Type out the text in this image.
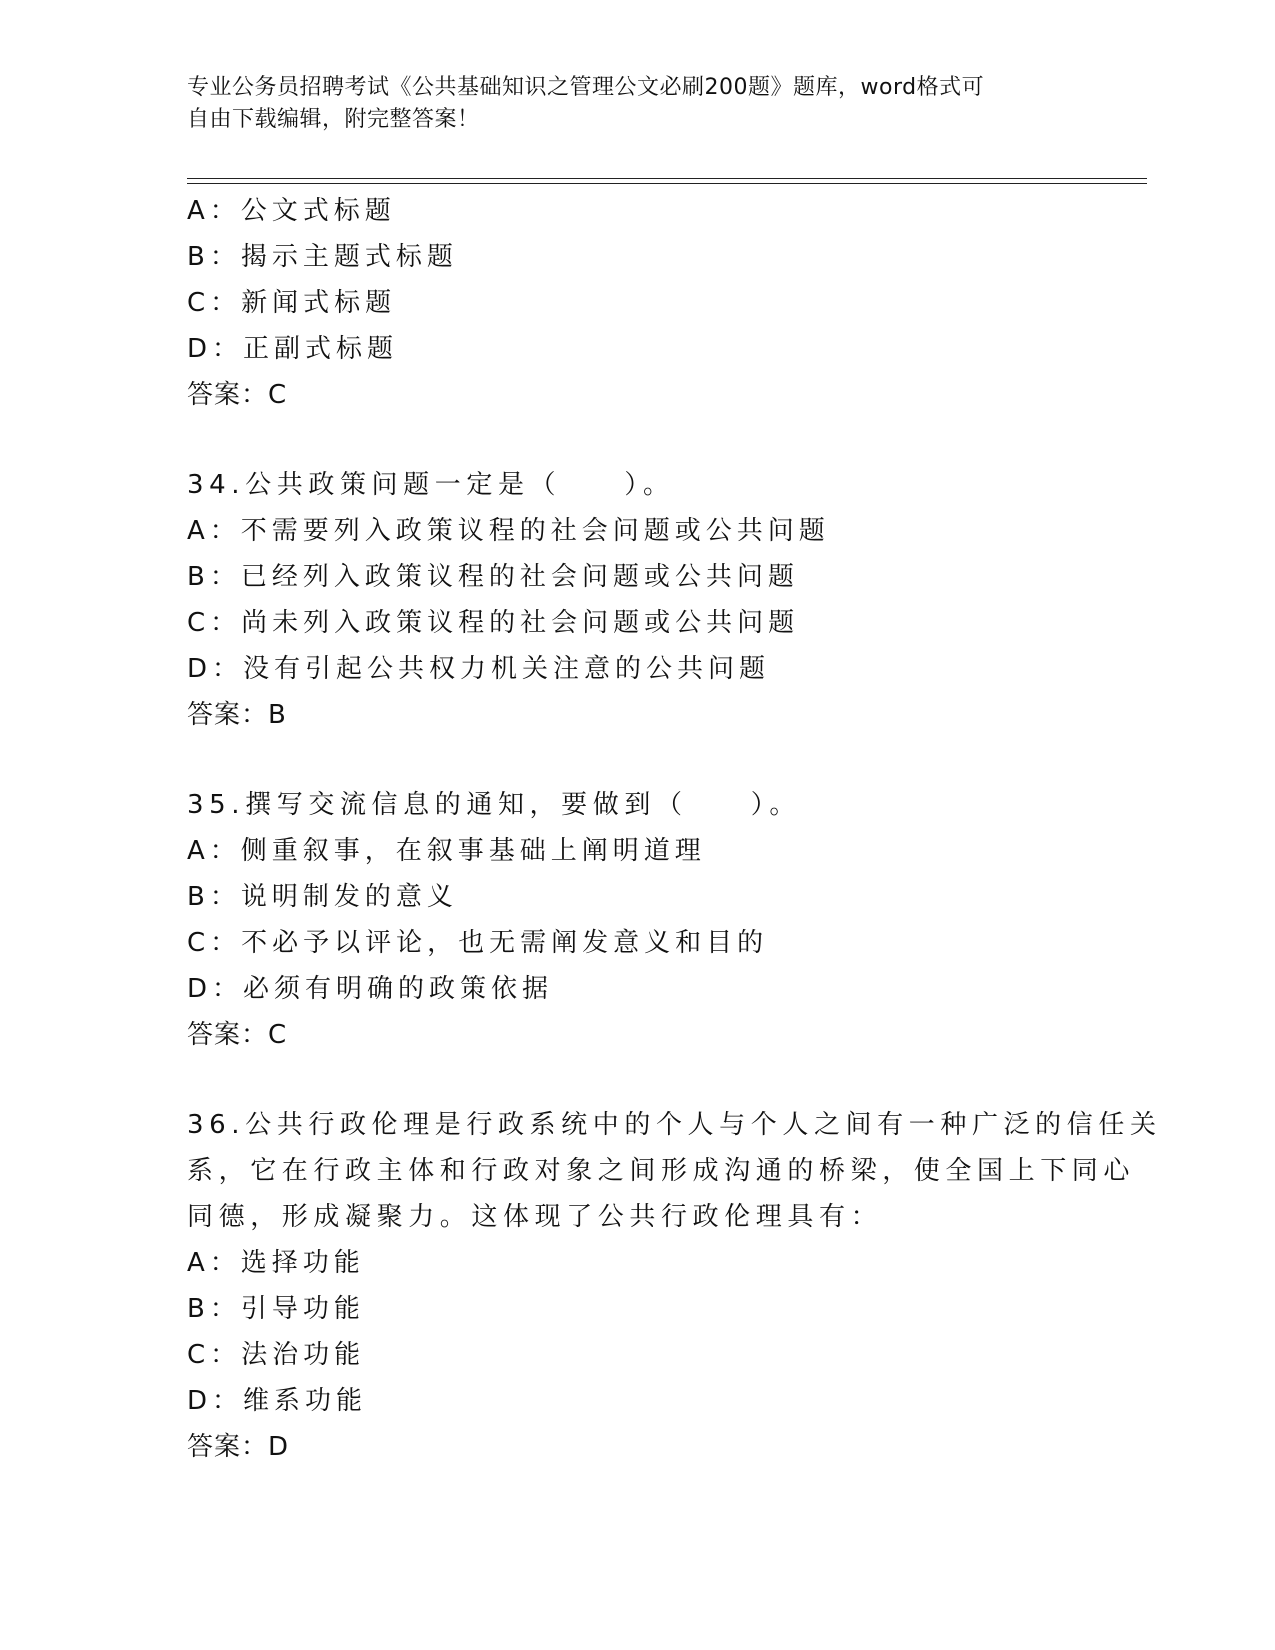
专业公务员招聘考试《公共基础知识之管理公文必刷200题》题库，word格式可
自由下载编辑，附完整答案！
A：公文式标题
B：揭示主题式标题
C：新闻式标题
D：正副式标题
答案：C
34.公共政策问题一定是（　　）。
A：不需要列入政策议程的社会问题或公共问题
B：已经列入政策议程的社会问题或公共问题
C：尚未列入政策议程的社会问题或公共问题
D：没有引起公共权力机关注意的公共问题
答案：B
35.撰写交流信息的通知，要做到（　　）。
A：侧重叙事，在叙事基础上阐明道理
B：说明制发的意义
C：不必予以评论，也无需阐发意义和目的
D：必须有明确的政策依据
答案：C
36.公共行政伦理是行政系统中的个人与个人之间有一种广泛的信任关
系，它在行政主体和行政对象之间形成沟通的桥梁，使全国上下同心
同德，形成凝聚力。这体现了公共行政伦理具有：
A：选择功能
B：引导功能
C：法治功能
D：维系功能
答案：D
